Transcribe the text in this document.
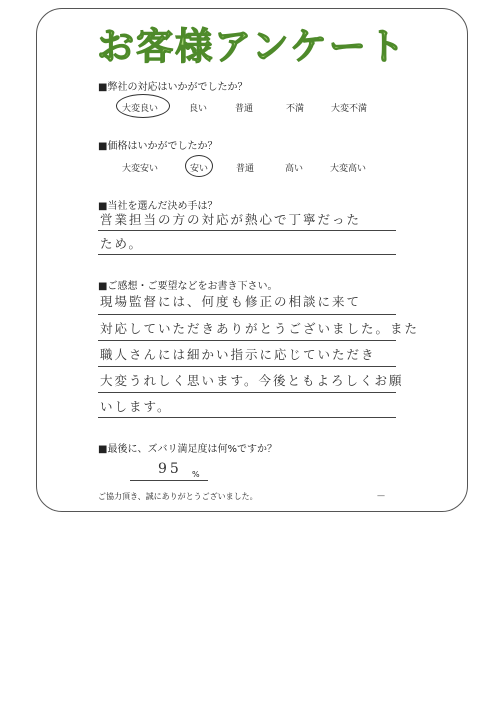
お客様アンケート
■弊社の対応はいかがでしたか？
大変良い	良い	普通	不満	大変不満
■価格はいかがでしたか？
大変安い	安い	普通	高い	大変高い
■当社を選んだ決め手は？
営業担当の方の対応が熱心で丁寧だった
ため。
■ご感想・ご要望などをお書き下さい。
現場監督には、何度も修正の相談に来て
対応していただきありがとうございました。また
職人さんには細かい指示に応じていただき
大変うれしく思います。今後ともよろしくお願
いします。
■最後に、ズバリ満足度は何%ですか？
95 %
ご協力頂き、誠にありがとうございました。	—
